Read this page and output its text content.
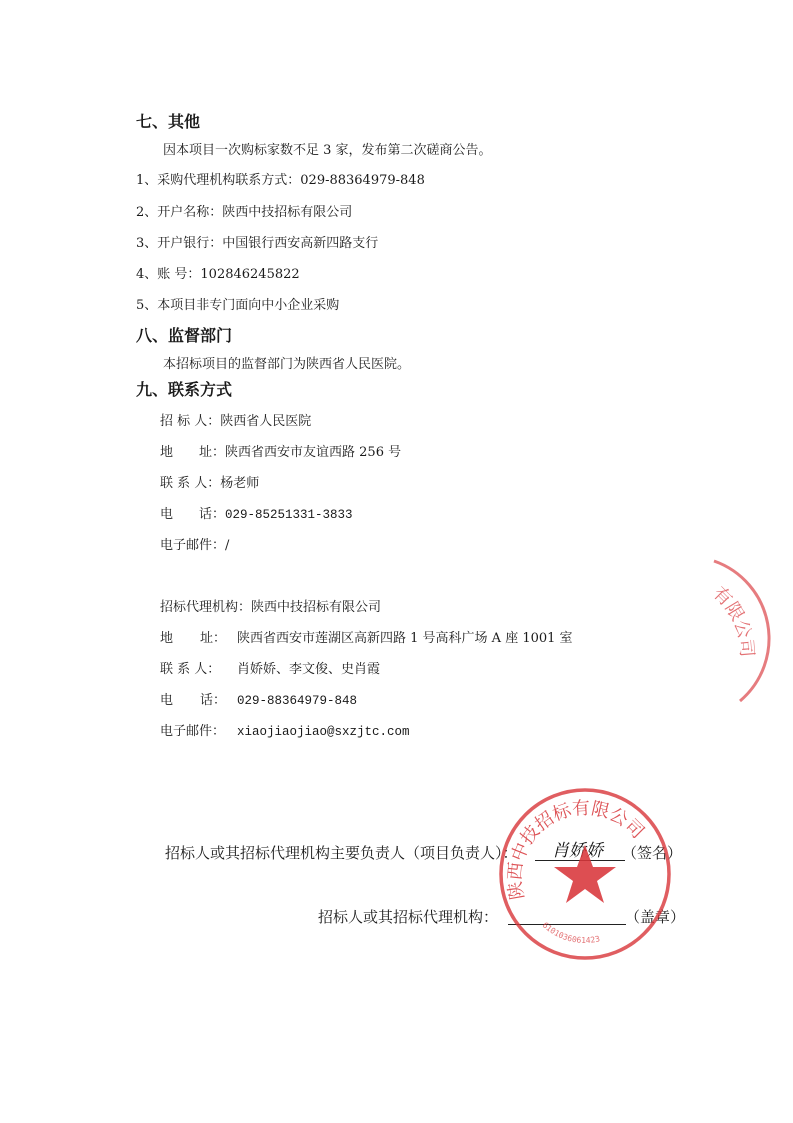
七、其他
因本项目一次购标家数不足 3 家，发布第二次磋商公告。
1、采购代理机构联系方式：029-88364979-848
2、开户名称：陕西中技招标有限公司
3、开户银行：中国银行西安高新四路支行
4、账 号：102846245822
5、本项目非专门面向中小企业采购
八、监督部门
本招标项目的监督部门为陕西省人民医院。
九、联系方式
招 标 人：陕西省人民医院
地 址：陕西省西安市友谊西路 256 号
联 系 人：杨老师
电 话：029-85251331-3833
电子邮件：/
招标代理机构：陕西中技招标有限公司
地 址： 陕西省西安市莲湖区高新四路 1 号高科广场 A 座 1001 室
联 系 人： 肖娇娇、李文俊、史肖霞
电 话： 029-88364979-848
电子邮件： xiaojiaojiao@sxzjtc.com
招标人或其招标代理机构主要负责人（项目负责人）： 肖娇娇 （签名）
招标人或其招标代理机构：	（盖章）
陕西中技招标有限公司
6101036061423
有限公司
